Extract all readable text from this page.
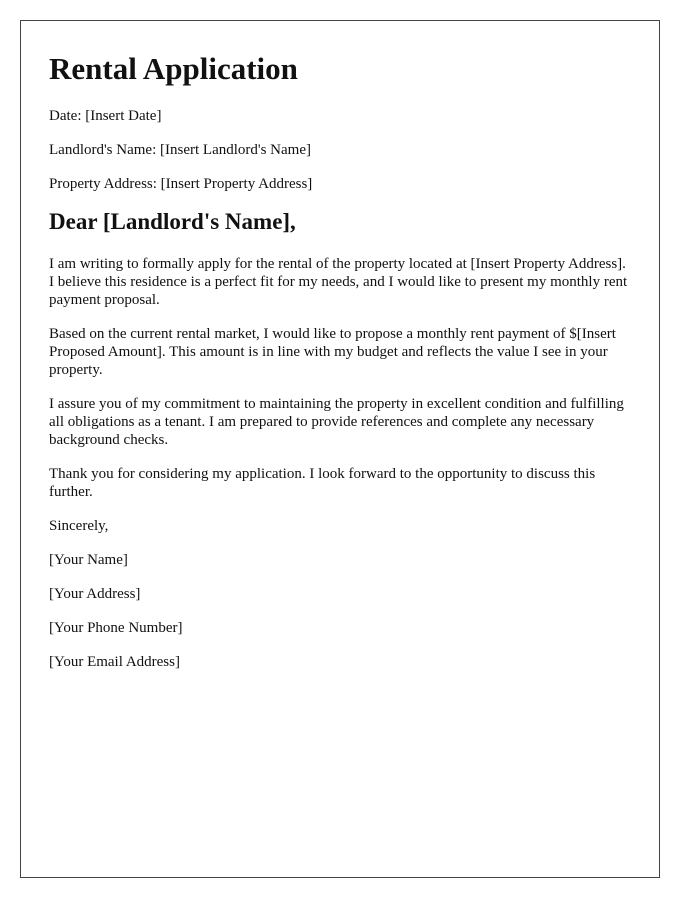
Rental Application

Date: [Insert Date]

Landlord's Name: [Insert Landlord's Name]

Property Address: [Insert Property Address]

Dear [Landlord's Name],

I am writing to formally apply for the rental of the property located at [Insert Property Address]. I believe this residence is a perfect fit for my needs, and I would like to present my monthly rent payment proposal.

Based on the current rental market, I would like to propose a monthly rent payment of $[Insert Proposed Amount]. This amount is in line with my budget and reflects the value I see in your property.

I assure you of my commitment to maintaining the property in excellent condition and fulfilling all obligations as a tenant. I am prepared to provide references and complete any necessary background checks.

Thank you for considering my application. I look forward to the opportunity to discuss this further.

Sincerely,

[Your Name]

[Your Address]

[Your Phone Number]

[Your Email Address]
